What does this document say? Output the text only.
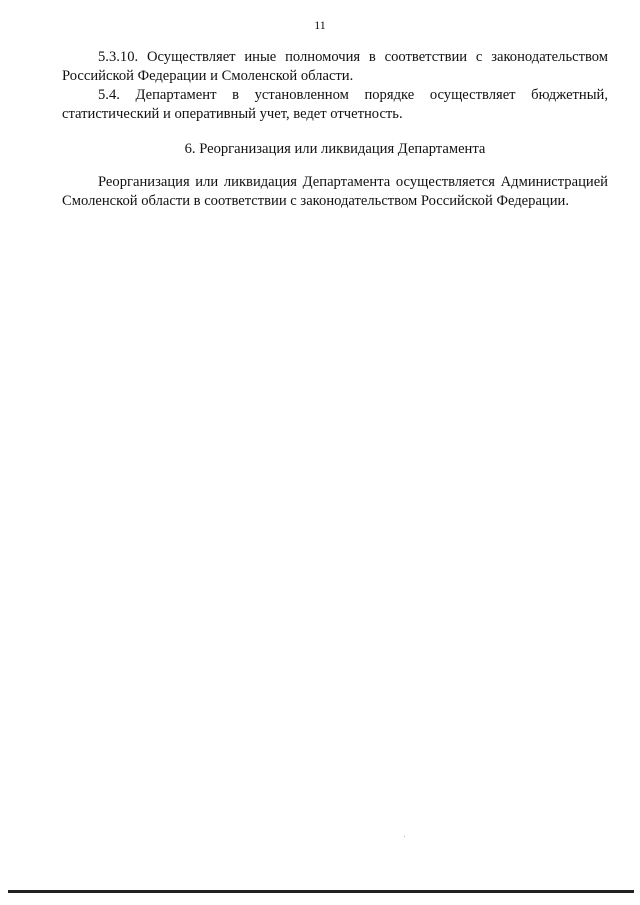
11

5.3.10. Осуществляет иные полномочия в соответствии с законодательством Российской Федерации и Смоленской области.

5.4. Департамент в установленном порядке осуществляет бюджетный, статистический и оперативный учет, ведет отчетность.

6. Реорганизация или ликвидация Департамента

Реорганизация или ликвидация Департамента осуществляется Администрацией Смоленской области в соответствии с законодательством Российской Федерации.
